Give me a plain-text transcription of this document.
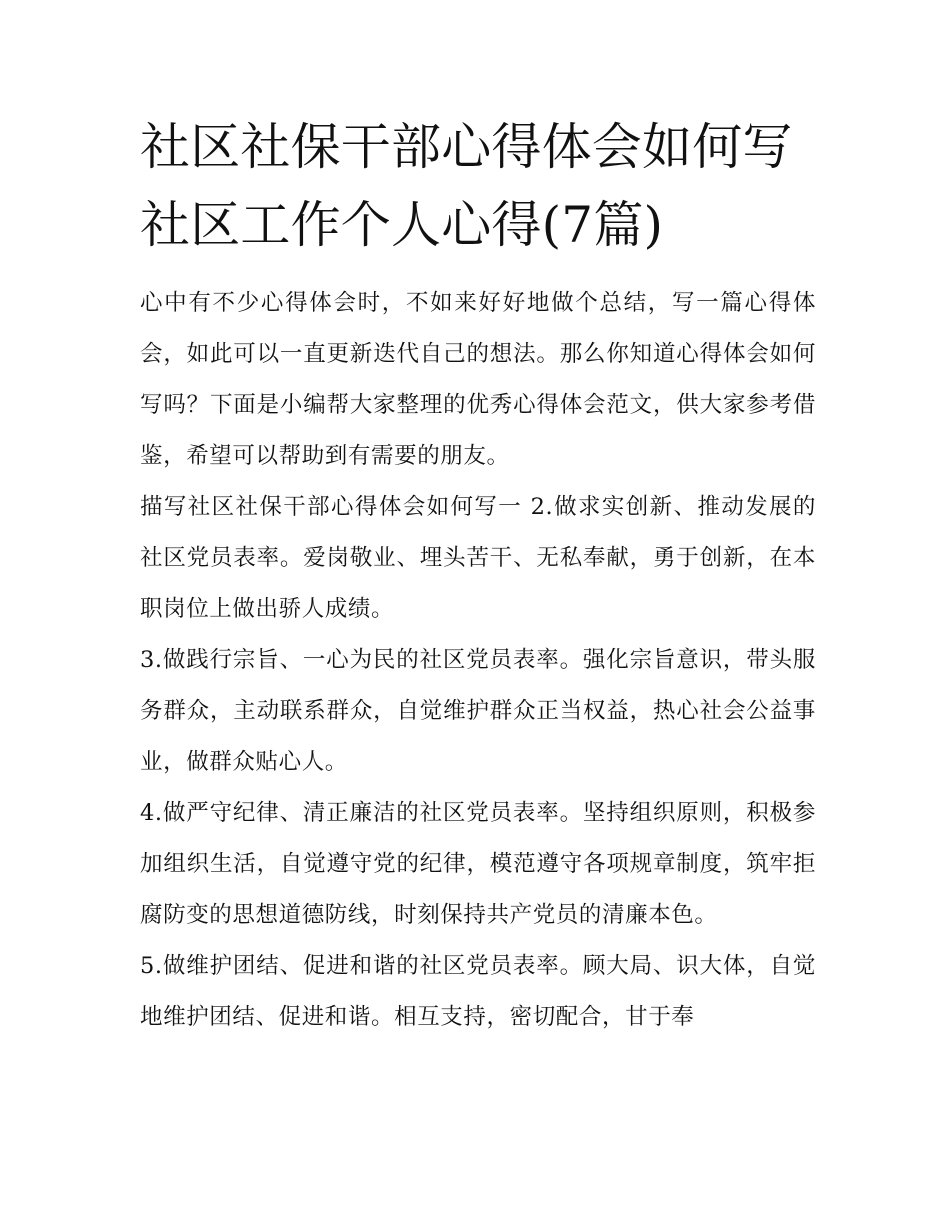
社区社保干部心得体会如何写
社区工作个人心得(7篇)

心中有不少心得体会时，不如来好好地做个总结，写一篇心得体会，如此可以一直更新迭代自己的想法。那么你知道心得体会如何写吗？下面是小编帮大家整理的优秀心得体会范文，供大家参考借鉴，希望可以帮助到有需要的朋友。

描写社区社保干部心得体会如何写一 2.做求实创新、推动发展的社区党员表率。爱岗敬业、埋头苦干、无私奉献，勇于创新，在本职岗位上做出骄人成绩。

3.做践行宗旨、一心为民的社区党员表率。强化宗旨意识，带头服务群众，主动联系群众，自觉维护群众正当权益，热心社会公益事业，做群众贴心人。

4.做严守纪律、清正廉洁的社区党员表率。坚持组织原则，积极参加组织生活，自觉遵守党的纪律，模范遵守各项规章制度，筑牢拒腐防变的思想道德防线，时刻保持共产党员的清廉本色。

5.做维护团结、促进和谐的社区党员表率。顾大局、识大体，自觉地维护团结、促进和谐。相互支持，密切配合，甘于奉
